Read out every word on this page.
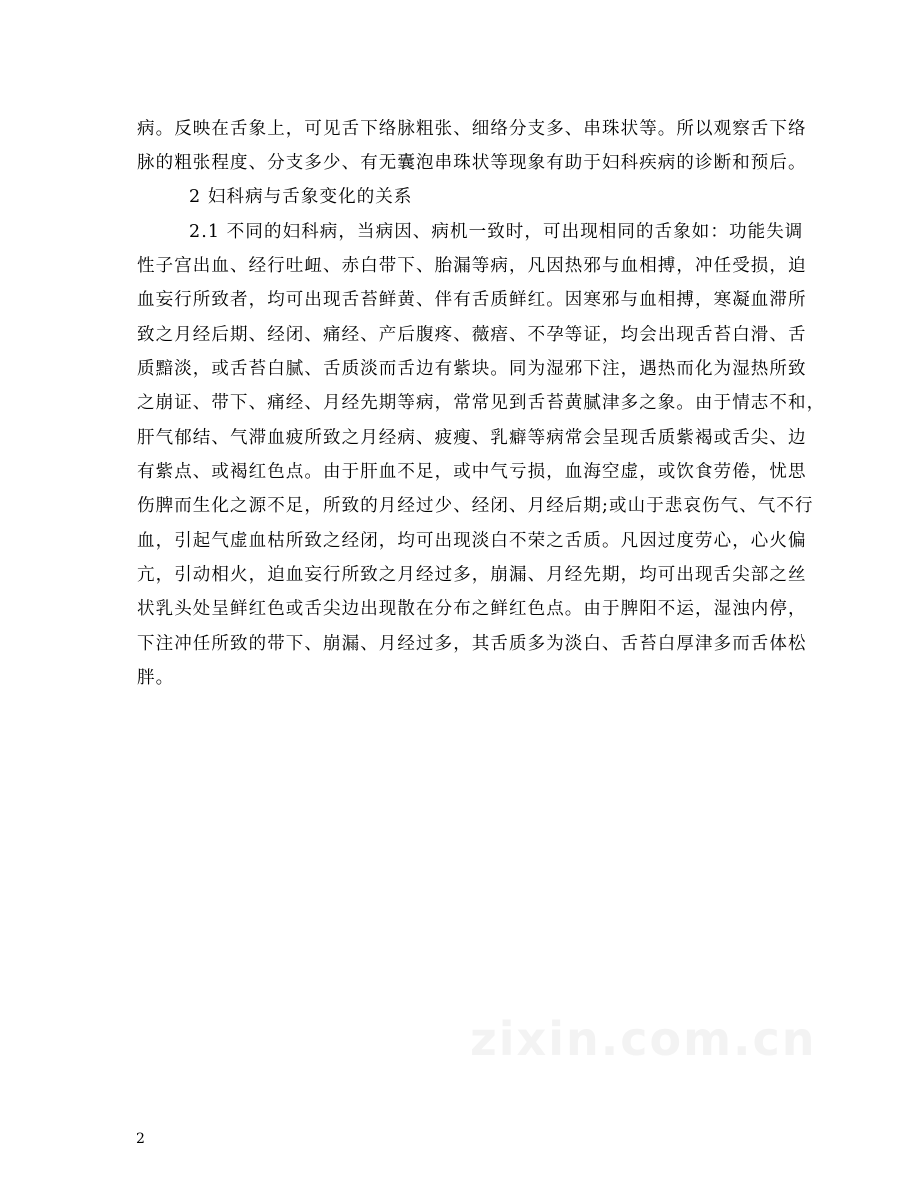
病。反映在舌象上，可见舌下络脉粗张、细络分支多、串珠状等。所以观察舌下络
脉的粗张程度、分支多少、有无囊泡串珠状等现象有助于妇科疾病的诊断和预后。
2 妇科病与舌象变化的关系
2.1 不同的妇科病，当病因、病机一致时，可出现相同的舌象如：功能失调
性子宫出血、经行吐衄、赤白带下、胎漏等病，凡因热邪与血相搏，冲任受损，迫
血妄行所致者，均可出现舌苔鲜黄、伴有舌质鲜红。因寒邪与血相搏，寒凝血滞所
致之月经后期、经闭、痛经、产后腹疼、薇瘖、不孕等证，均会出现舌苔白滑、舌
质黯淡，或舌苔白腻、舌质淡而舌边有紫块。同为湿邪下注，遇热而化为湿热所致
之崩证、带下、痛经、月经先期等病，常常见到舌苔黄腻津多之象。由于情志不和，
肝气郁结、气滞血疲所致之月经病、疲瘦、乳癖等病常会呈现舌质紫褐或舌尖、边
有紫点、或褐红色点。由于肝血不足，或中气亏损，血海空虚，或饮食劳倦，忧思
伤脾而生化之源不足，所致的月经过少、经闭、月经后期;或山于悲哀伤气、气不行
血，引起气虚血枯所致之经闭，均可出现淡白不荣之舌质。凡因过度劳心，心火偏
亢，引动相火，迫血妄行所致之月经过多，崩漏、月经先期，均可出现舌尖部之丝
状乳头处呈鲜红色或舌尖边出现散在分布之鲜红色点。由于脾阳不运，湿浊内停，
下注冲任所致的带下、崩漏、月经过多，其舌质多为淡白、舌苔白厚津多而舌体松
胖。
zixin.com.cn
2
